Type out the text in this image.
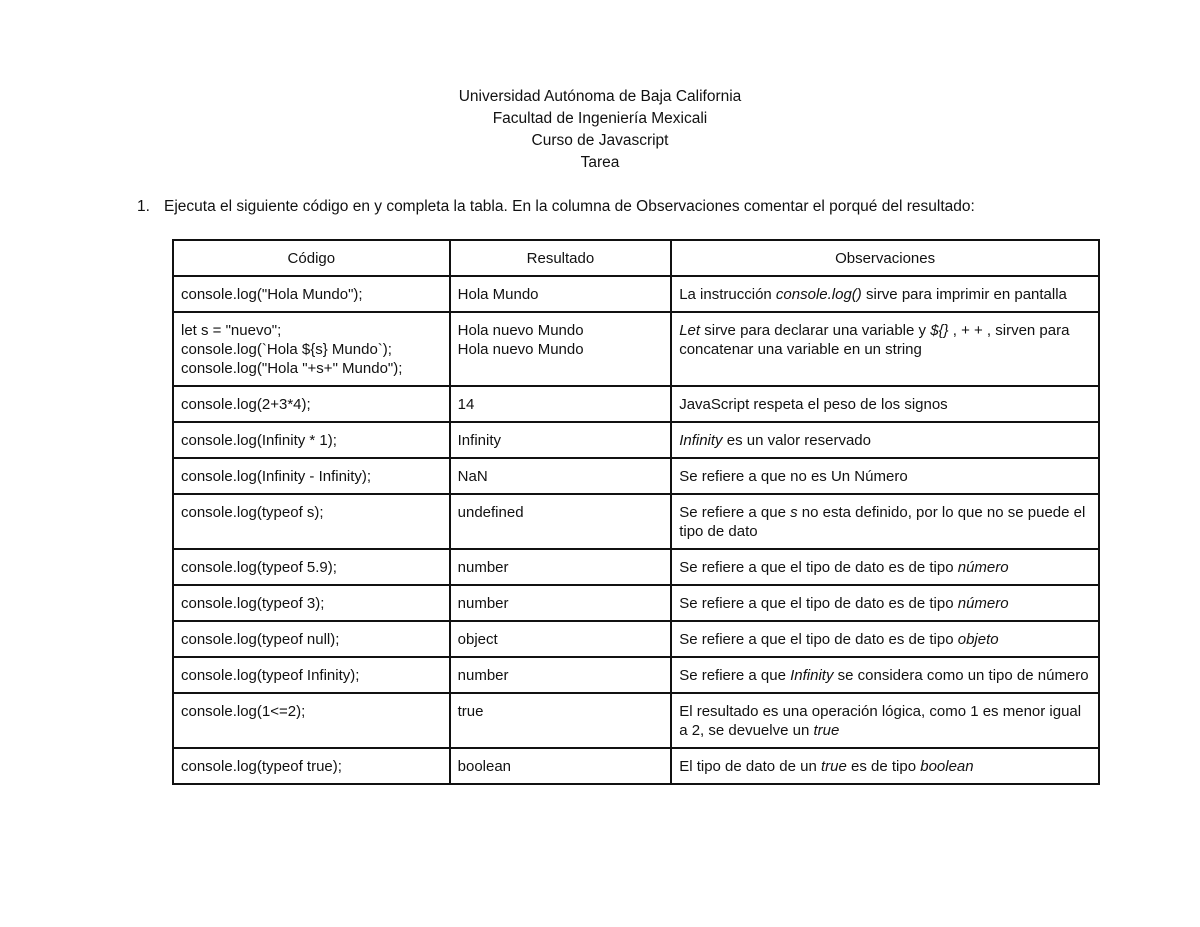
Universidad Autónoma de Baja California
Facultad de Ingeniería Mexicali
Curso de Javascript
Tarea
1. Ejecuta el siguiente código en y completa la tabla. En la columna de Observaciones comentar el porqué del resultado:
Código	Resultado	Observaciones

console.log("Hola Mundo");	Hola Mundo	La instrucción console.log() sirve para imprimir en pantalla

let s = "nuevo";
console.log(`Hola ${s} Mundo`);
console.log("Hola "+s+" Mundo");	Hola nuevo Mundo
Hola nuevo Mundo	Let sirve para declarar una variable y ${} , + + , sirven para concatenar una variable en un string

console.log(2+3*4);	14	JavaScript respeta el peso de los signos

console.log(Infinity * 1);	Infinity	Infinity es un valor reservado

console.log(Infinity - Infinity);	NaN	Se refiere a que no es Un Número

console.log(typeof s);	undefined	Se refiere a que s no esta definido, por lo que no se puede el tipo de dato

console.log(typeof 5.9);	number	Se refiere a que el tipo de dato es de tipo número

console.log(typeof 3);	number	Se refiere a que el tipo de dato es de tipo número

console.log(typeof null);	object	Se refiere a que el tipo de dato es de tipo objeto

console.log(typeof Infinity);	number	Se refiere a que Infinity se considera como un tipo de número

console.log(1<=2);	true	El resultado es una operación lógica, como 1 es menor igual a 2, se devuelve un true

console.log(typeof true);	boolean	El tipo de dato de un true es de tipo boolean
